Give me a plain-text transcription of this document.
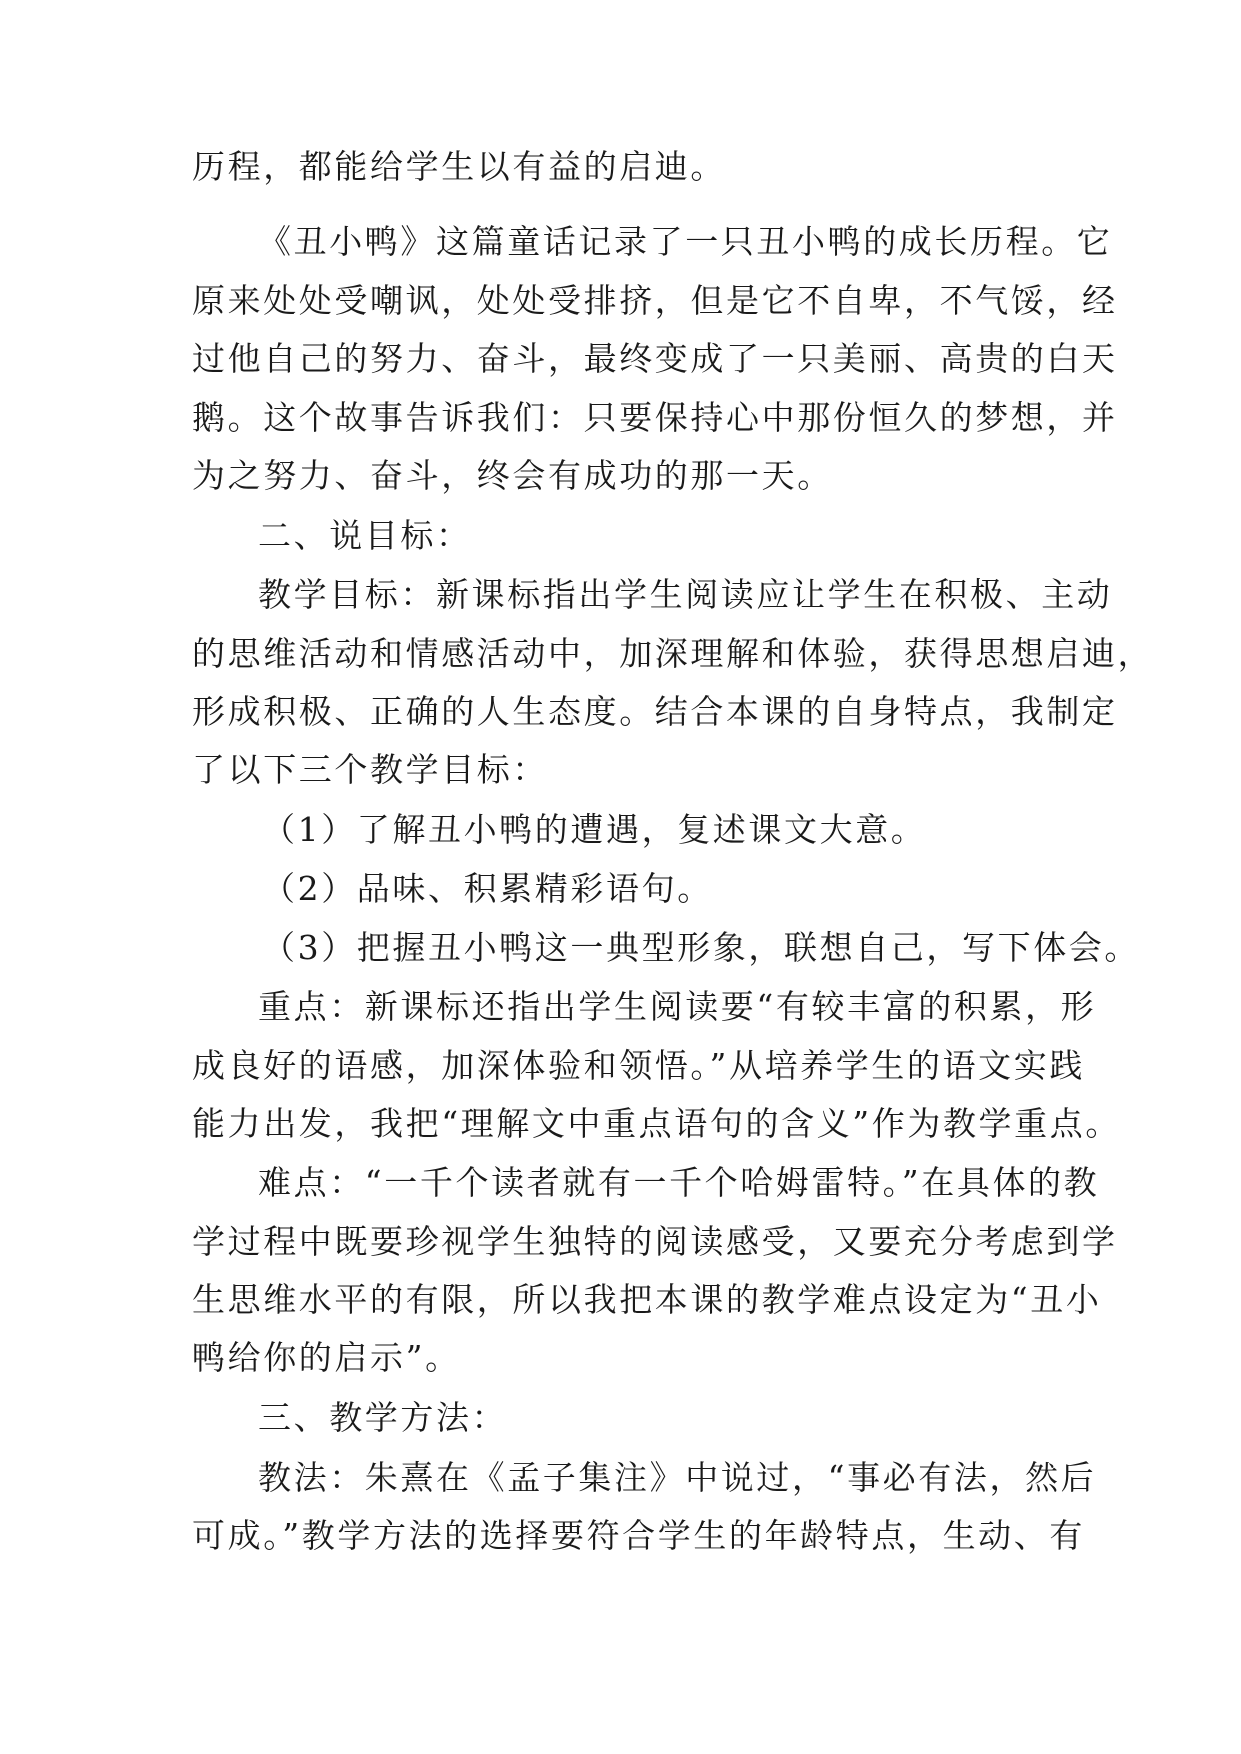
历程，都能给学生以有益的启迪。
《丑小鸭》这篇童话记录了一只丑小鸭的成长历程。它
原来处处受嘲讽，处处受排挤，但是它不自卑，不气馁，经
过他自己的努力、奋斗，最终变成了一只美丽、高贵的白天
鹅。这个故事告诉我们：只要保持心中那份恒久的梦想，并
为之努力、奋斗，终会有成功的那一天。
二、说目标：
教学目标：新课标指出学生阅读应让学生在积极、主动
的思维活动和情感活动中，加深理解和体验，获得思想启迪，
形成积极、正确的人生态度。结合本课的自身特点，我制定
了以下三个教学目标：
（1）了解丑小鸭的遭遇，复述课文大意。
（2）品味、积累精彩语句。
（3）把握丑小鸭这一典型形象，联想自己，写下体会。
重点：新课标还指出学生阅读要“有较丰富的积累，形
成良好的语感，加深体验和领悟。”从培养学生的语文实践
能力出发，我把“理解文中重点语句的含义”作为教学重点。
难点：“一千个读者就有一千个哈姆雷特。”在具体的教
学过程中既要珍视学生独特的阅读感受，又要充分考虑到学
生思维水平的有限，所以我把本课的教学难点设定为“丑小
鸭给你的启示”。
三、教学方法：
教法：朱熹在《孟子集注》中说过，“事必有法，然后
可成。”教学方法的选择要符合学生的年龄特点，生动、有
